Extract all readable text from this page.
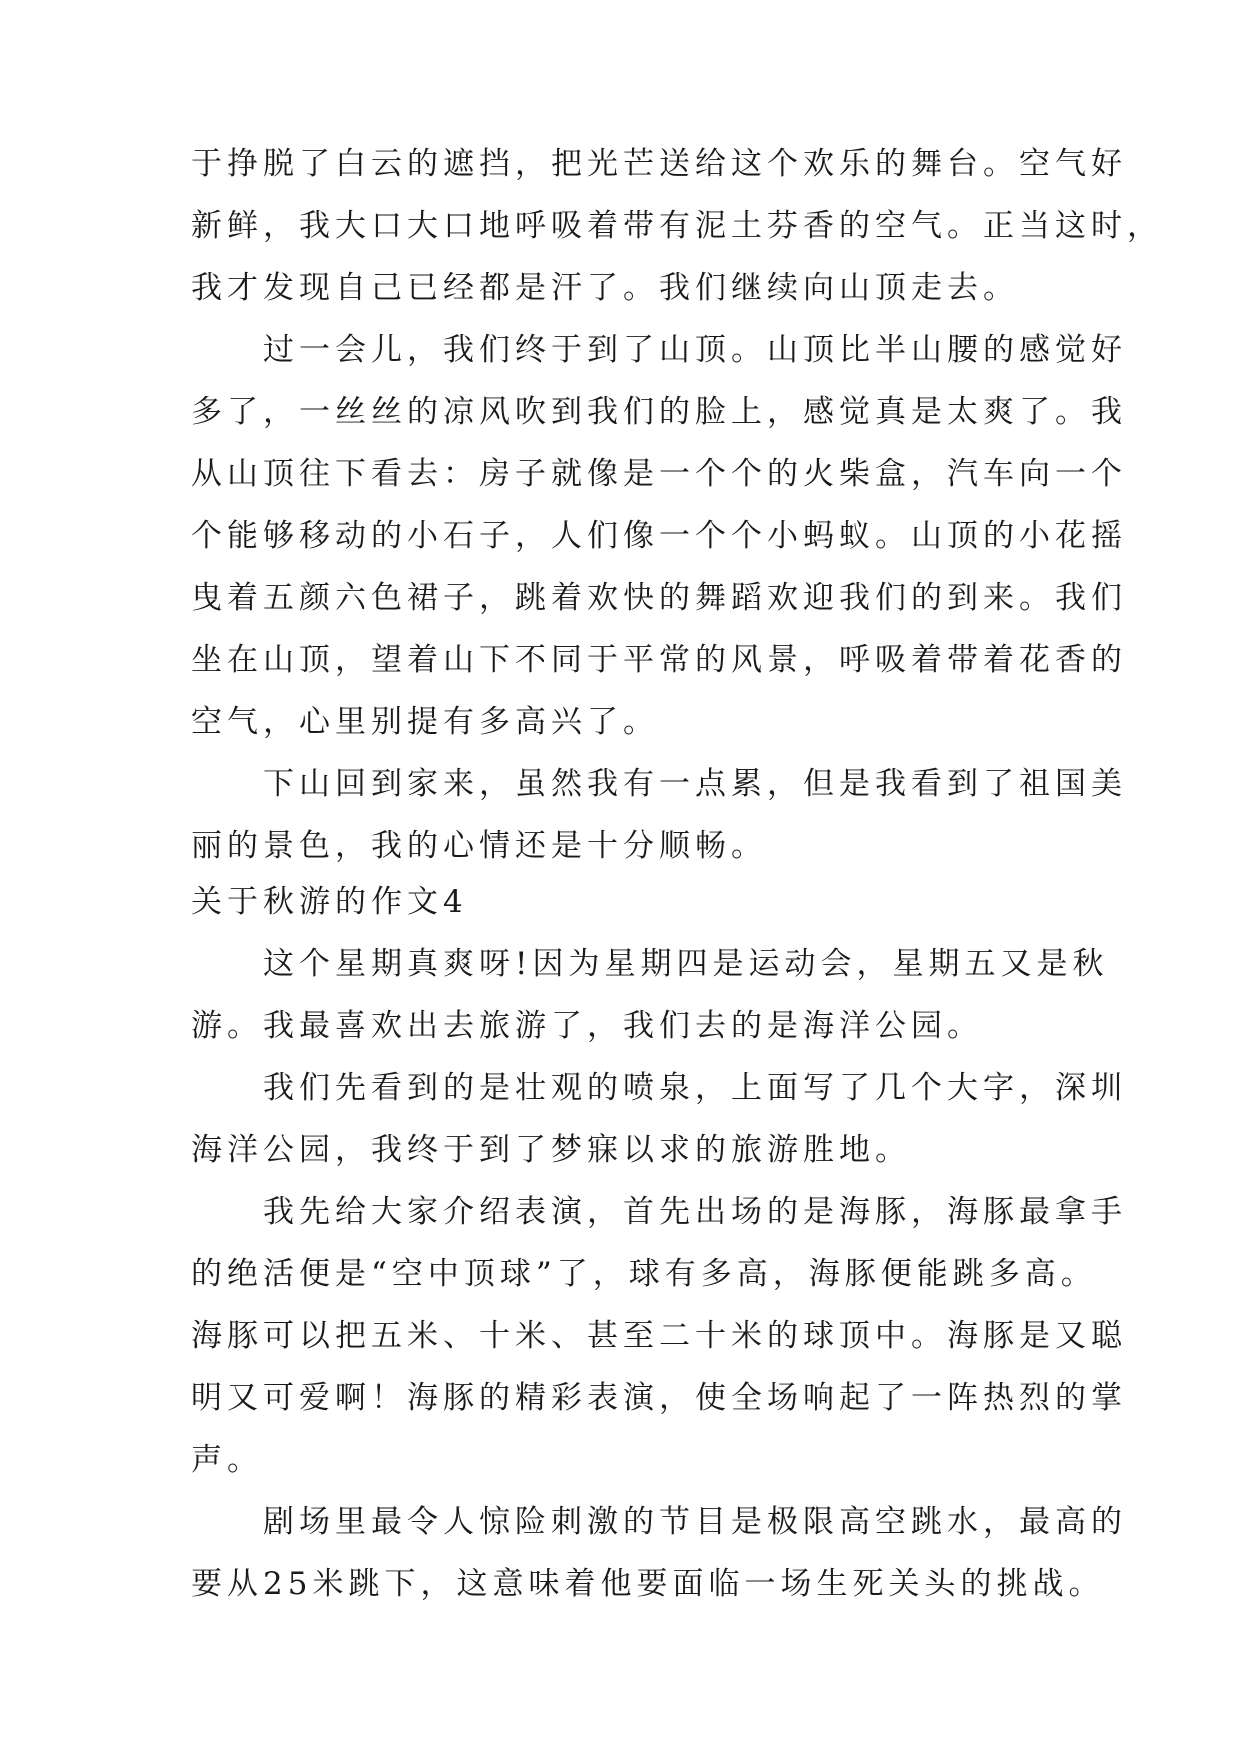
于挣脱了白云的遮挡，把光芒送给这个欢乐的舞台。空气好
新鲜，我大口大口地呼吸着带有泥土芬香的空气。正当这时，
我才发现自己已经都是汗了。我们继续向山顶走去。
过一会儿，我们终于到了山顶。山顶比半山腰的感觉好
多了，一丝丝的凉风吹到我们的脸上，感觉真是太爽了。我
从山顶往下看去：房子就像是一个个的火柴盒，汽车向一个
个能够移动的小石子，人们像一个个小蚂蚁。山顶的小花摇
曳着五颜六色裙子，跳着欢快的舞蹈欢迎我们的到来。我们
坐在山顶，望着山下不同于平常的风景，呼吸着带着花香的
空气，心里别提有多高兴了。
下山回到家来，虽然我有一点累，但是我看到了祖国美
丽的景色，我的心情还是十分顺畅。
关于秋游的作文4
这个星期真爽呀!因为星期四是运动会，星期五又是秋
游。我最喜欢出去旅游了，我们去的是海洋公园。
我们先看到的是壮观的喷泉，上面写了几个大字，深圳
海洋公园，我终于到了梦寐以求的旅游胜地。
我先给大家介绍表演，首先出场的是海豚，海豚最拿手
的绝活便是“空中顶球”了，球有多高，海豚便能跳多高。
海豚可以把五米、十米、甚至二十米的球顶中。海豚是又聪
明又可爱啊！海豚的精彩表演，使全场响起了一阵热烈的掌
声。
剧场里最令人惊险刺激的节目是极限高空跳水，最高的
要从25米跳下，这意味着他要面临一场生死关头的挑战。
